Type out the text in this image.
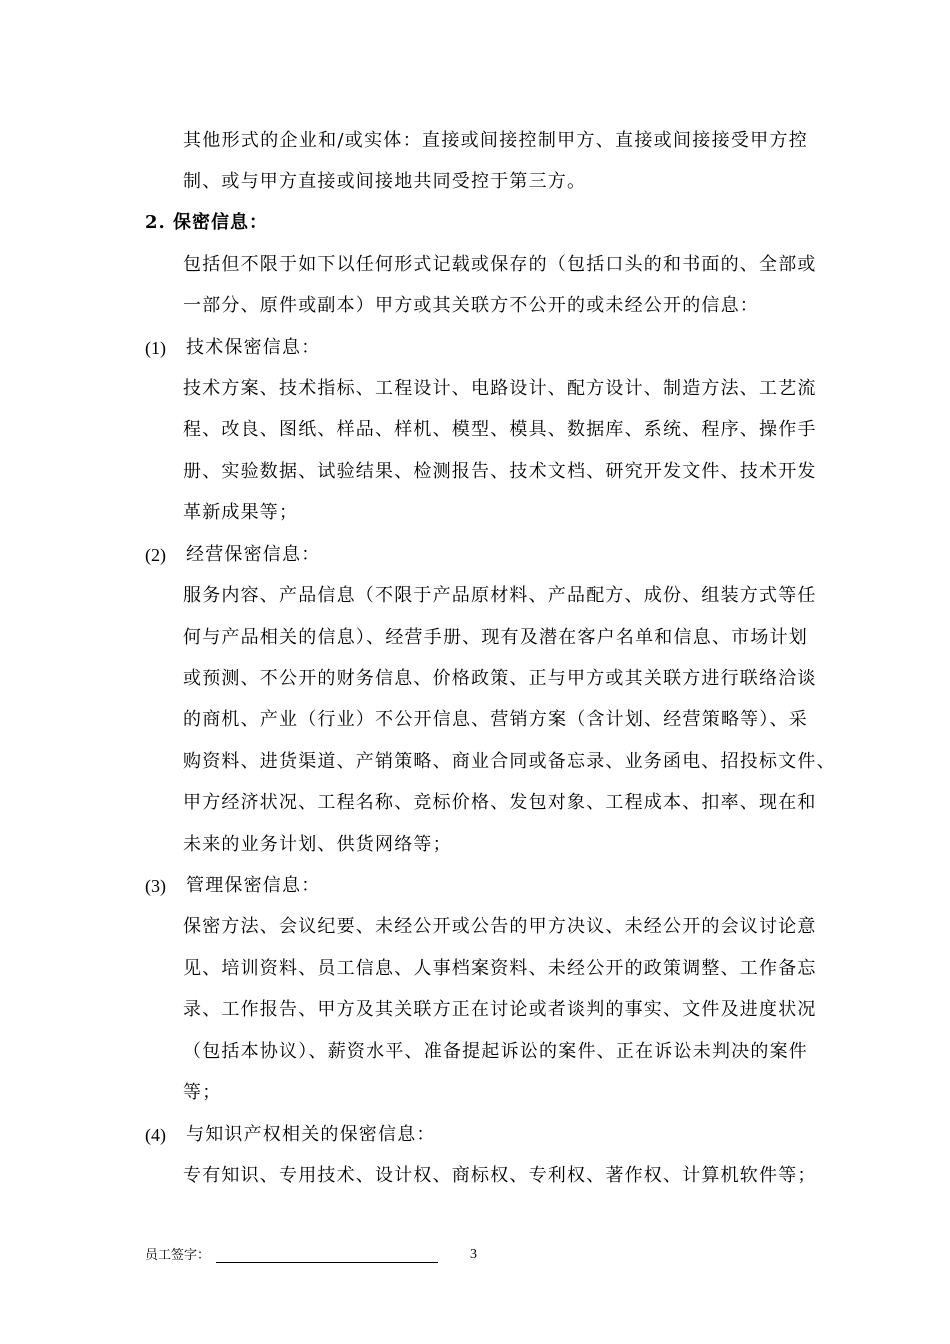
其他形式的企业和/或实体：直接或间接控制甲方、直接或间接接受甲方控
制、或与甲方直接或间接地共同受控于第三方。
2. 保密信息：
包括但不限于如下以任何形式记载或保存的（包括口头的和书面的、全部或
一部分、原件或副本）甲方或其关联方不公开的或未经公开的信息：
(1) 技术保密信息：
技术方案、技术指标、工程设计、电路设计、配方设计、制造方法、工艺流
程、改良、图纸、样品、样机、模型、模具、数据库、系统、程序、操作手
册、实验数据、试验结果、检测报告、技术文档、研究开发文件、技术开发
革新成果等；
(2) 经营保密信息：
服务内容、产品信息（不限于产品原材料、产品配方、成份、组装方式等任
何与产品相关的信息）、经营手册、现有及潜在客户名单和信息、市场计划
或预测、不公开的财务信息、价格政策、正与甲方或其关联方进行联络洽谈
的商机、产业（行业）不公开信息、营销方案（含计划、经营策略等）、采
购资料、进货渠道、产销策略、商业合同或备忘录、业务函电、招投标文件、
甲方经济状况、工程名称、竞标价格、发包对象、工程成本、扣率、现在和
未来的业务计划、供货网络等；
(3) 管理保密信息：
保密方法、会议纪要、未经公开或公告的甲方决议、未经公开的会议讨论意
见、培训资料、员工信息、人事档案资料、未经公开的政策调整、工作备忘
录、工作报告、甲方及其关联方正在讨论或者谈判的事实、文件及进度状况
（包括本协议）、薪资水平、准备提起诉讼的案件、正在诉讼未判决的案件
等；
(4) 与知识产权相关的保密信息：
专有知识、专用技术、设计权、商标权、专利权、著作权、计算机软件等；
员工签字：	3
